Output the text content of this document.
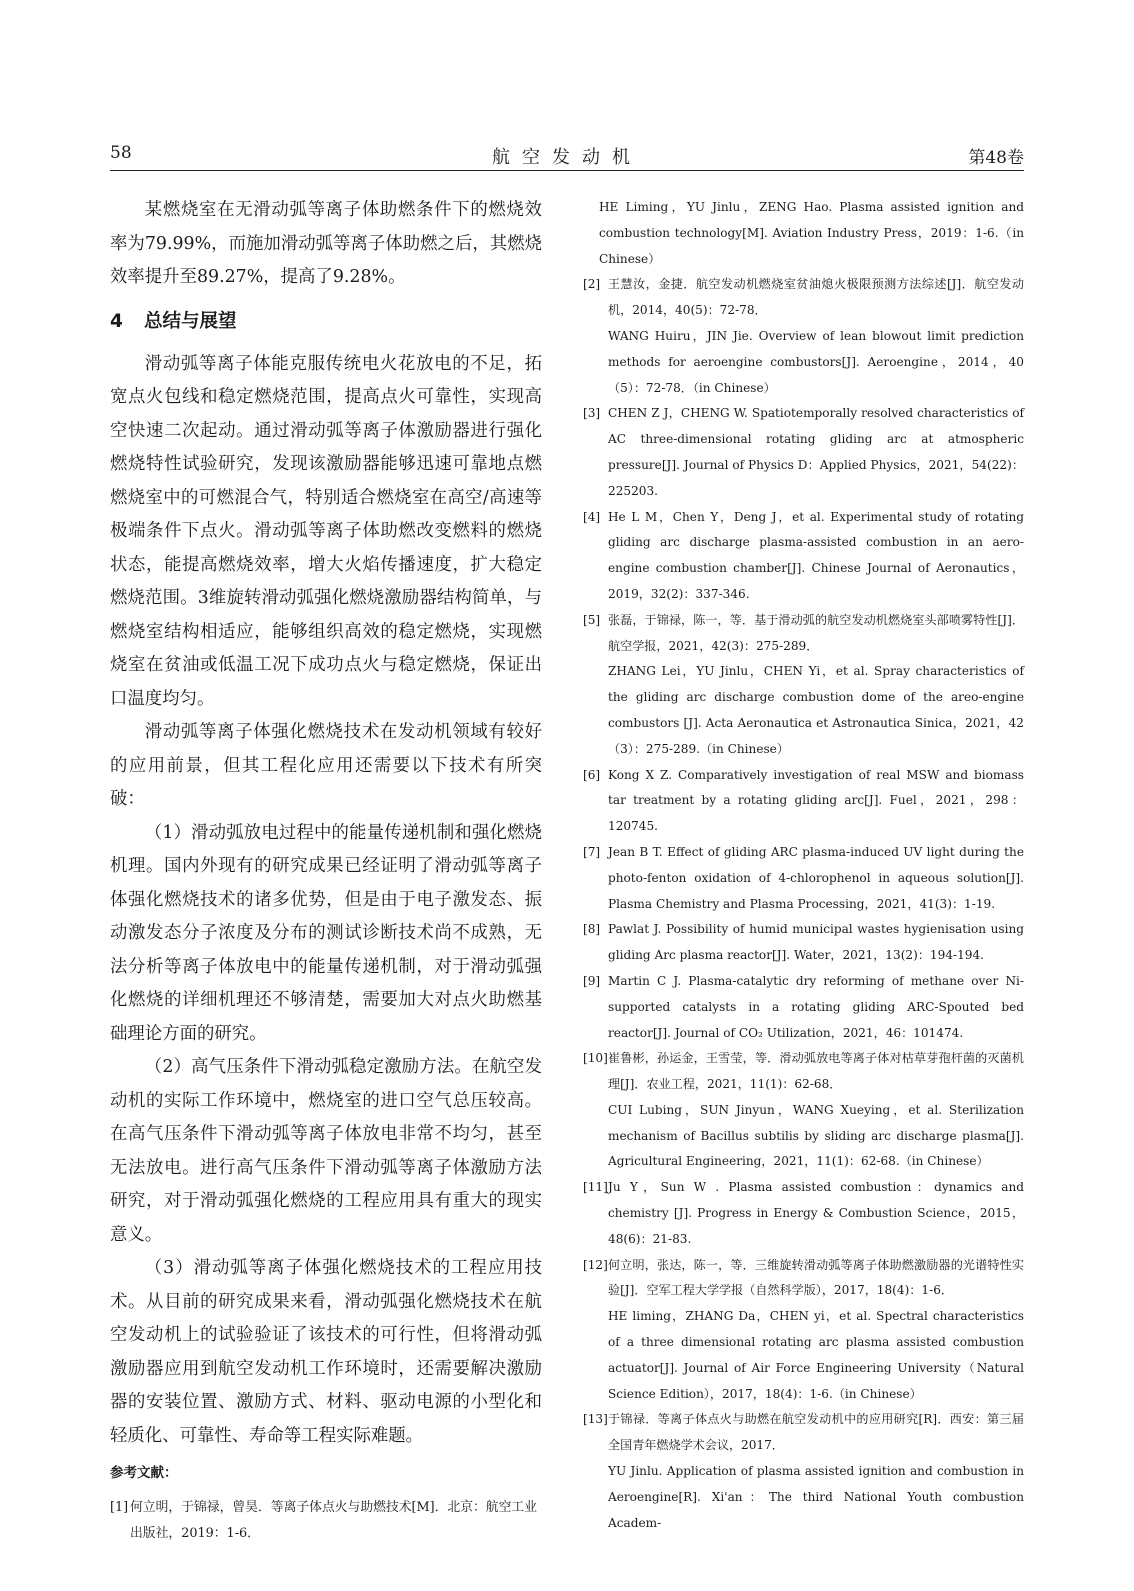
58	航空发动机	第48卷

某燃烧室在无滑动弧等离子体助燃条件下的燃烧效率为79.99%，而施加滑动弧等离子体助燃之后，其燃烧效率提升至89.27%，提高了9.28%。

4 总结与展望

滑动弧等离子体能克服传统电火花放电的不足，拓宽点火包线和稳定燃烧范围，提高点火可靠性，实现高空快速二次起动。通过滑动弧等离子体激励器进行强化燃烧特性试验研究，发现该激励器能够迅速可靠地点燃燃烧室中的可燃混合气，特别适合燃烧室在高空/高速等极端条件下点火。滑动弧等离子体助燃改变燃料的燃烧状态，能提高燃烧效率，增大火焰传播速度，扩大稳定燃烧范围。3维旋转滑动弧强化燃烧激励器结构简单，与燃烧室结构相适应，能够组织高效的稳定燃烧，实现燃烧室在贫油或低温工况下成功点火与稳定燃烧，保证出口温度均匀。

滑动弧等离子体强化燃烧技术在发动机领域有较好的应用前景，但其工程化应用还需要以下技术有所突破：

（1）滑动弧放电过程中的能量传递机制和强化燃烧机理。国内外现有的研究成果已经证明了滑动弧等离子体强化燃烧技术的诸多优势，但是由于电子激发态、振动激发态分子浓度及分布的测试诊断技术尚不成熟，无法分析等离子体放电中的能量传递机制，对于滑动弧强化燃烧的详细机理还不够清楚，需要加大对点火助燃基础理论方面的研究。

（2）高气压条件下滑动弧稳定激励方法。在航空发动机的实际工作环境中，燃烧室的进口空气总压较高。在高气压条件下滑动弧等离子体放电非常不均匀，甚至无法放电。进行高气压条件下滑动弧等离子体激励方法研究，对于滑动弧强化燃烧的工程应用具有重大的现实意义。

（3）滑动弧等离子体强化燃烧技术的工程应用技术。从目前的研究成果来看，滑动弧强化燃烧技术在航空发动机上的试验验证了该技术的可行性，但将滑动弧激励器应用到航空发动机工作环境时，还需要解决激励器的安装位置、激励方式、材料、驱动电源的小型化和轻质化、可靠性、寿命等工程实际难题。

参考文献：
[1] 何立明，于锦禄，曾昊．等离子体点火与助燃技术[M]．北京：航空工业出版社，2019：1-6．
HE Liming，YU Jinlu，ZENG Hao. Plasma assisted ignition and combustion technology[M]. Aviation Industry Press，2019：1-6.（in Chinese）
[2] 王慧汝，金捷．航空发动机燃烧室贫油熄火极限预测方法综述[J]．航空发动机，2014，40(5)：72-78．
WANG Huiru，JIN Jie. Overview of lean blowout limit prediction methods for aeroengine combustors[J]. Aeroengine，2014，40（5）：72-78．（in Chinese）
[3] CHEN Z J，CHENG W. Spatiotemporally resolved characteristics of AC three-dimensional rotating gliding arc at atmospheric pressure[J]. Journal of Physics D：Applied Physics，2021，54(22)：225203.
[4] He L M，Chen Y，Deng J，et al. Experimental study of rotating gliding arc discharge plasma-assisted combustion in an aero-engine combustion chamber[J]. Chinese Journal of Aeronautics，2019，32(2)：337-346.
[5] 张磊，于锦禄，陈一，等．基于滑动弧的航空发动机燃烧室头部喷雾特性[J]．航空学报，2021，42(3)：275-289．
ZHANG Lei，YU Jinlu，CHEN Yi，et al. Spray characteristics of the gliding arc discharge combustion dome of the areo-engine combustors [J]. Acta Aeronautica et Astronautica Sinica，2021，42（3）：275-289.（in Chinese）
[6] Kong X Z. Comparatively investigation of real MSW and biomass tar treatment by a rotating gliding arc[J]. Fuel，2021，298：120745.
[7] Jean B T. Effect of gliding ARC plasma-induced UV light during the photo-fenton oxidation of 4-chlorophenol in aqueous solution[J]. Plasma Chemistry and Plasma Processing，2021，41(3)：1-19.
[8] Pawlat J. Possibility of humid municipal wastes hygienisation using gliding Arc plasma reactor[J]. Water，2021，13(2)：194-194.
[9] Martin C J. Plasma-catalytic dry reforming of methane over Ni-supported catalysts in a rotating gliding ARC-Spouted bed reactor[J]. Journal of CO₂ Utilization，2021，46：101474.
[10] 崔鲁彬，孙运金，王雪莹，等．滑动弧放电等离子体对枯草芽孢杆菌的灭菌机理[J]．农业工程，2021，11(1)：62-68．
CUI Lubing，SUN Jinyun，WANG Xueying，et al. Sterilization mechanism of Bacillus subtilis by sliding arc discharge plasma[J]. Agricultural Engineering，2021，11(1)：62-68.（in Chinese）
[11] Ju Y，Sun W . Plasma assisted combustion：dynamics and chemistry [J]. Progress in Energy & Combustion Science，2015，48(6)：21-83.
[12] 何立明，张达，陈一，等．三维旋转滑动弧等离子体助燃激励器的光谱特性实验[J]．空军工程大学学报（自然科学版），2017，18(4)：1-6．
HE liming，ZHANG Da，CHEN yi，et al. Spectral characteristics of a three dimensional rotating arc plasma assisted combustion actuator[J]. Journal of Air Force Engineering University（Natural Science Edition），2017，18(4)：1-6.（in Chinese）
[13] 于锦禄．等离子体点火与助燃在航空发动机中的应用研究[R]．西安：第三届全国青年燃烧学术会议，2017．
YU Jinlu. Application of plasma assisted ignition and combustion in Aeroengine[R]. Xi'an：The third National Youth combustion Academ-
